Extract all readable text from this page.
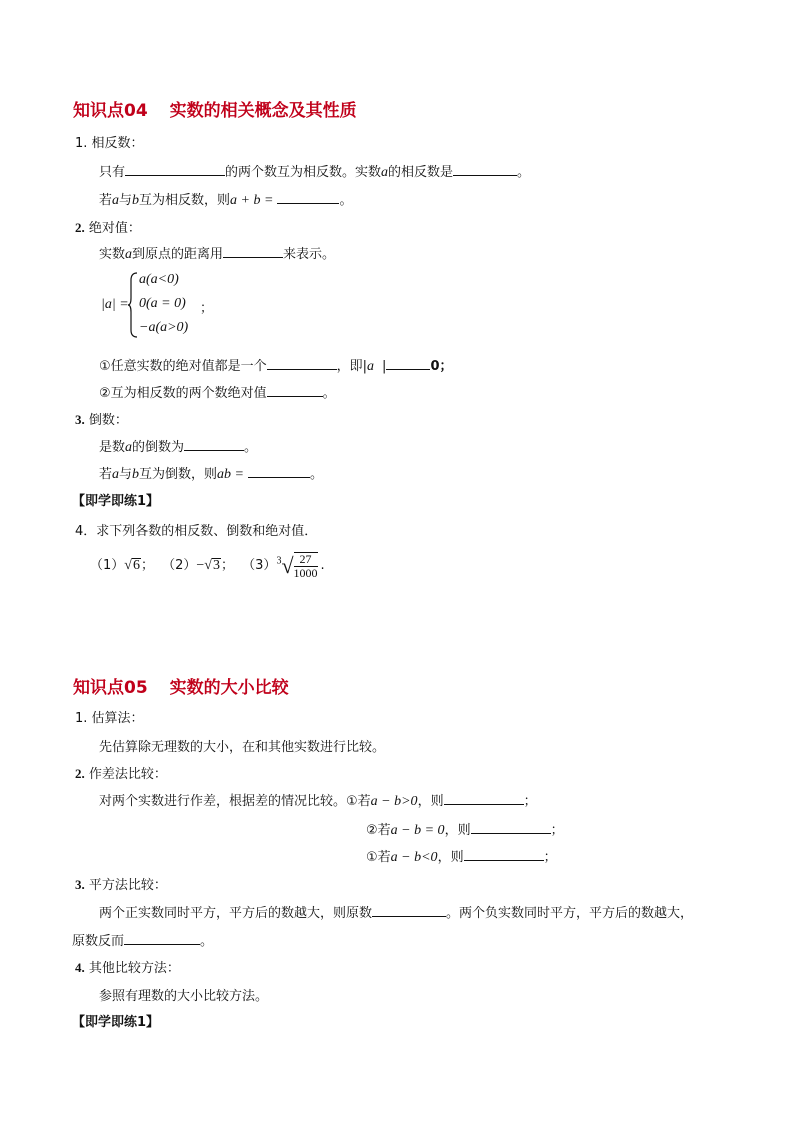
知识点04 实数的相关概念及其性质
1. 相反数：
只有	的两个数互为相反数。实数a的相反数是	。
若a与b互为相反数，则a + b =	。
2. 绝对值：
实数a到原点的距离用	来表示。
|a| =
a(a<0)
0(a = 0)
−a(a>0)
；
①任意实数的绝对值都是一个	，即|a |	0；
②互为相反数的两个数绝对值	。
3. 倒数：
是数a的倒数为	。
若a与b互为倒数，则ab =	。
【即学即练1】
4．求下列各数的相反数、倒数和绝对值．
（1）√6； （2）−√3； $(3)^3√ \frac{27}{1000}$ .
知识点05 实数的大小比较
1. 估算法：
先估算除无理数的大小，在和其他实数进行比较。
2. 作差法比较：
对两个实数进行作差，根据差的情况比较。①若a − b>0，则	；
②若a − b = 0，则	；
①若a − b<0，则	；
3. 平方法比较：
两个正实数同时平方，平方后的数越大，则原数	。两个负实数同时平方，平方后的数越大，
原数反而	。
4. 其他比较方法：
参照有理数的大小比较方法。
【即学即练1】
